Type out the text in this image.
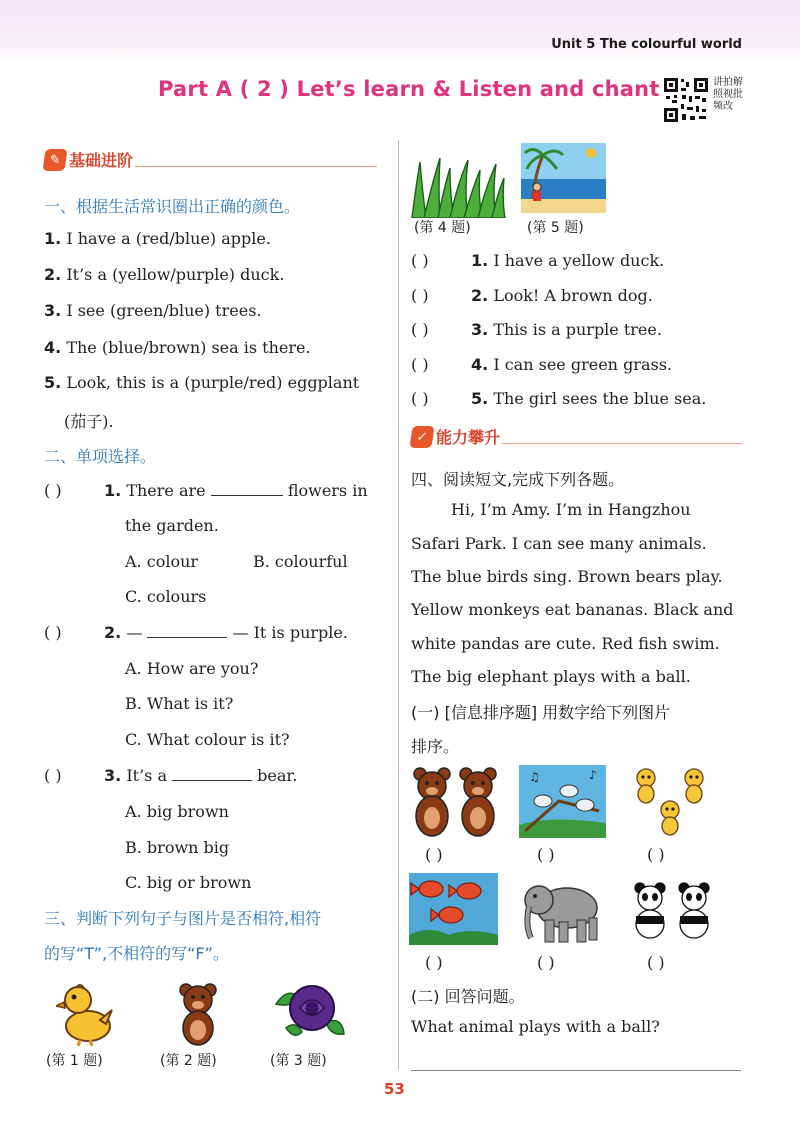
Unit 5 The colourful world
Part A ( 2 ) Let’s learn & Listen and chant	讲拍解照视批频改
✎ 基础进阶
一、根据生活常识圈出正确的颜色。
1. I have a (red/blue) apple.
2. It’s a (yellow/purple) duck.
3. I see (green/blue) trees.
4. The (blue/brown) sea is there.
5. Look, this is a (purple/red) eggplant
(茄子).
二、单项选择。
( )	1. There are	flowers in
the garden.
A. colour	B. colourful
C. colours
( )	2. —	— It is purple.
A. How are you?
B. What is it?
C. What colour is it?
( )	3. It’s a	bear.
A. big brown
B. brown big
C. big or brown
三、判断下列句子与图片是否相符,相符
的写“T”,不相符的写“F”。
(第 1 题)	(第 2 题)	(第 3 题)
(第 4 题)	(第 5 题)
( )	1. I have a yellow duck.
( )	2. Look! A brown dog.
( )	3. This is a purple tree.
( )	4. I can see green grass.
( )	5. The girl sees the blue sea.
✓ 能力攀升
四、阅读短文,完成下列各题。
Hi, I’m Amy. I’m in Hangzhou
Safari Park. I can see many animals.
The blue birds sing. Brown bears play.
Yellow monkeys eat bananas. Black and
white pandas are cute. Red fish swim.
The big elephant plays with a ball.
(一) [信息排序题] 用数字给下列图片
排序。
♪
♫
( )	( )	( )
( )	( )	( )
(二) 回答问题。
What animal plays with a ball?
53
